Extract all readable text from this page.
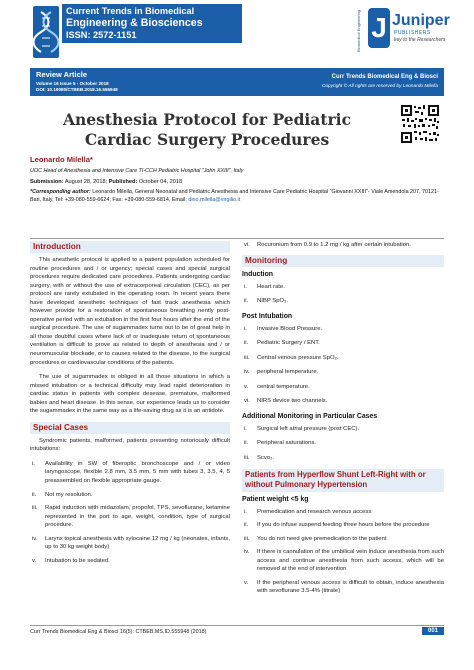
Current Trends in Biomedical
Engineering & Biosciences
ISSN: 2572-1151	Biomedical Engineering J Juniper
PUBLISHERS
key to the Researchers
Review Article
Volume 16 Issue 5 - October 2018
DOI: 10.19080/CTBEB.2018.16.555948
Curr Trends Biomedical Eng & Biosci
Copyright © All rights are reserved by Leonardo Milella
Anesthesia Protocol for Pediatric Cardiac Surgery Procedures
Leonardo Milella*
UOC Head of Anesthesia and Intensive Care TI-CCH Pediatric Hospital "John XXIII", Italy
Submission: August 28, 2018; Published: October 04, 2018
*Corresponding author: Leonardo Milella, General Neonatal and Pediatric Anesthesia and Intensive Care Pediatric Hospital "Giovanni XXIII"- Viale Amendola 207, 70121-Bari, Italy, Tel: +39-080-559-6624; Fax: +39-080-559-6814, Email: dino.milella@virgilio.it
Introduction

This anesthetic protocol is applied to a patient population scheduled for routine procedures and / or urgency; special cases and special surgical procedures require dedicated care procedures. Patients undergoing cardiac surgery, with or without the use of extracorporeal circulation (CEC), as per protocol are rarely extubated in the operating room. In recent years there have developed anesthetic techniques of fast track anesthesia which however provide for a restoration of spontaneous breathing nently post-operative period with an extubation in the first four hours after the end of the surgical procedure. The use of sugammadex turns out to be of great help in all those doubtful cases where lack of or inadequate return of spontaneous ventilation is difficult to prove as related to depth of anesthesia and / or neuromuscular blockade, or to causes related to the disease, to the surgical procedures or cardiovascular conditions of the patients.

The use of sugammadex is obliged in all those situations in which a missed intubation or a technical difficulty may lead rapid deterioration in cardiac status in patients with complex desease, premature, malformed babies and heart disease. In this sense, our experience leads us to consider the sugammadex in the same way as a life-saving drug as it is an antidote.

Special Cases

Syndromic patients, malformed, patients presenting notoriously difficult intubations:

i.	Availability in SW of fiberoptic bronchoscope and / or video laryngoscope, flexible 2.8 mm, 3.5 mm, 5 mm with tubes 3, 3.5, 4, 5 preassembled on flexible appropriate gauge.
ii.	Not my resolution.
iii.	Rapid induction with midazolam, propofol, TPS, sevoflurane, ketamine represented in the port to age, weight, condition, type of surgical procedure.
iv.	Larynx topical anesthesia with xylocaine 12 mg / kg (neonates, infants, up to 30 kg weight body)
v.	Intubation to be sedated.
vi.	Rocuronium from 0.9 to 1.2 mg / kg after certain intubation.
Monitoring
Induction
i.	Heart rate.
ii.	NIBP SpO₂.
Post Intubation
i.	Invasive Blood Pressure.
ii.	Pediatric Surgery / ENT.
iii.	Central venous pressure SpO₂.
iv.	peripheral temperature.
v.	central temperature.
vi.	NIRS device two channels.
Additional Monitoring in Particular Cases
i.	Surgical left atrial pressure (post CEC).
ii.	Peripheral saturations.
iii.	Scvo₂.
Patients from Hyperflow Shunt Left-Right with or without Pulmonary Hypertension
Patient weight <5 kg
i.	Premedication and research venous access
ii.	If you do infuse suspend feeding three hours before the procedure
iii.	You do not need give premedication to the patient
iv.	If there is cannulation of the umbilical vein induce anesthesia from such access and continue anesthesia from such access, which will be removed at the end of intervention
v.	If the peripheral venous access is difficult to obtain, induce anesthesia with sevoflurane 3.5-4% (titrate)
Curr Trends Biomedical Eng & Biosci 16(5): CTBEB.MS.ID.555948 (2018)	001
